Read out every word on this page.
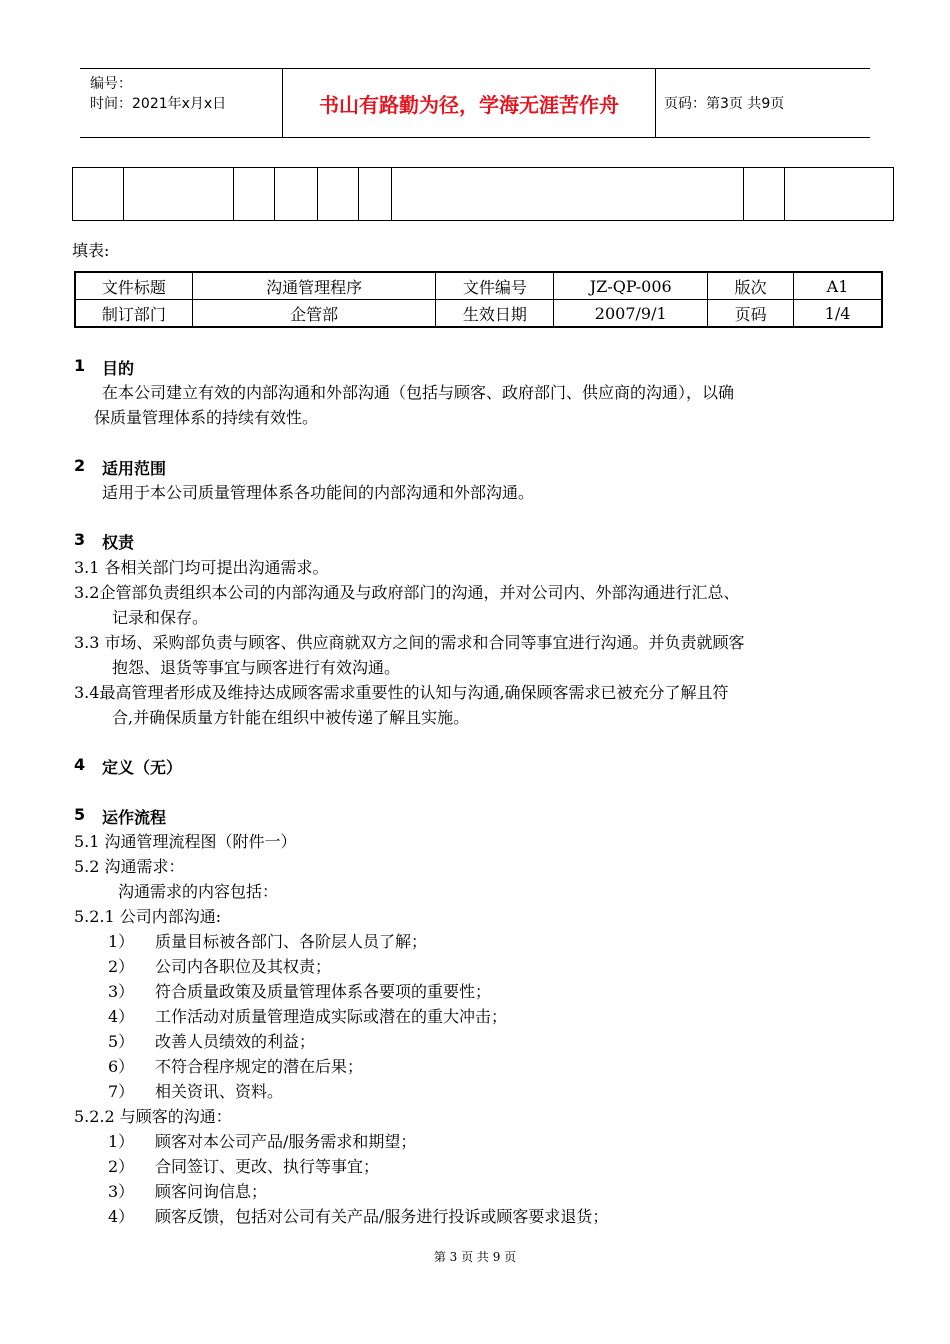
编号：
时间：2021年x月x日	书山有路勤为径，学海无涯苦作舟	页码：第3页 共9页
填表:
文件标题	沟通管理程序	文件编号	JZ-QP-006	版次	A1
制订部门	企管部	生效日期	2007/9/1	页码	1/4
1 目的
在本公司建立有效的内部沟通和外部沟通（包括与顾客、政府部门、供应商的沟通），以确
保质量管理体系的持续有效性。
2 适用范围
适用于本公司质量管理体系各功能间的内部沟通和外部沟通。
3 权责
3.1 各相关部门均可提出沟通需求。
3.2企管部负责组织本公司的内部沟通及与政府部门的沟通，并对公司内、外部沟通进行汇总、
记录和保存。
3.3 市场、采购部负责与顾客、供应商就双方之间的需求和合同等事宜进行沟通。并负责就顾客
抱怨、退货等事宜与顾客进行有效沟通。
3.4最高管理者形成及维持达成顾客需求重要性的认知与沟通,确保顾客需求已被充分了解且符
合,并确保质量方针能在组织中被传递了解且实施。
4 定义（无）
5 运作流程
5.1 沟通管理流程图（附件一）
5.2 沟通需求：
沟通需求的内容包括：
5.2.1 公司内部沟通:
1） 质量目标被各部门、各阶层人员了解；
2） 公司内各职位及其权责；
3） 符合质量政策及质量管理体系各要项的重要性；
4） 工作活动对质量管理造成实际或潜在的重大冲击；
5） 改善人员绩效的利益；
6） 不符合程序规定的潜在后果；
7） 相关资讯、资料。
5.2.2 与顾客的沟通：
1） 顾客对本公司产品/服务需求和期望；
2） 合同签订、更改、执行等事宜；
3） 顾客问询信息；
4） 顾客反馈，包括对公司有关产品/服务进行投诉或顾客要求退货；
第 3 页 共 9 页
